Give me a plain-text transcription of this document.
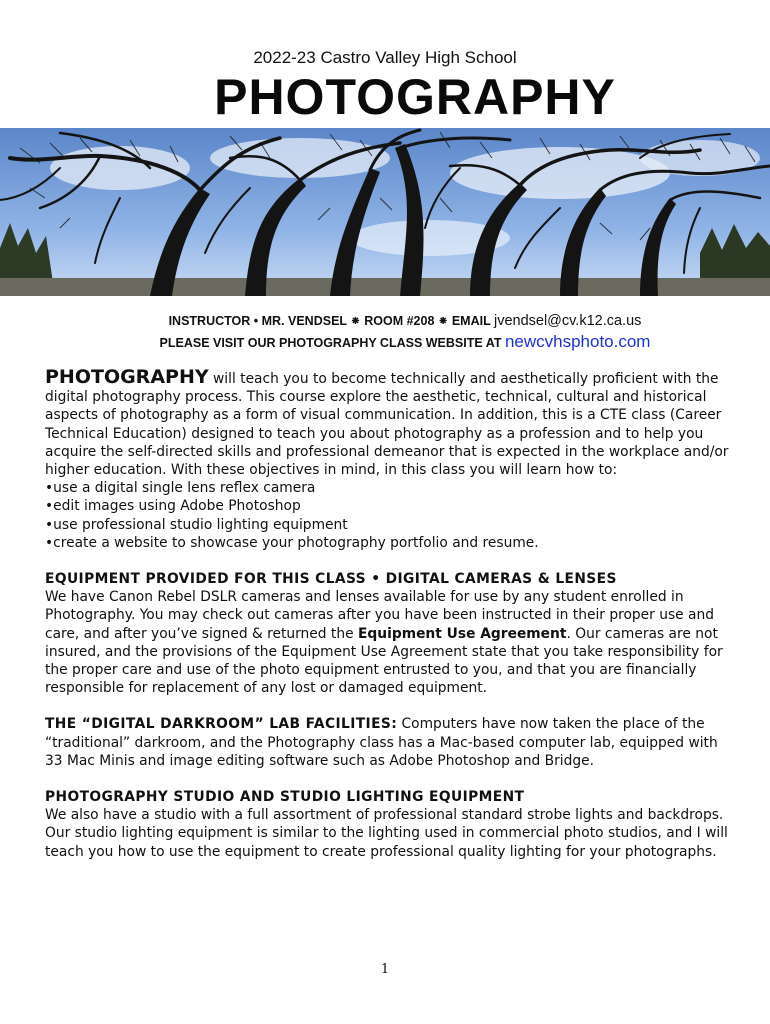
2022-23 Castro Valley High School
PHOTOGRAPHY
INSTRUCTOR • MR. VENDSEL ⁕ ROOM #208 ⁕ EMAIL jvendsel@cv.k12.ca.us
PLEASE VISIT OUR PHOTOGRAPHY CLASS WEBSITE AT newcvhsphoto.com

PHOTOGRAPHY will teach you to become technically and aesthetically proficient with the digital photography process. This course explore the aesthetic, technical, cultural and historical aspects of photography as a form of visual communication. In addition, this is a CTE class (Career Technical Education) designed to teach you about photography as a profession and to help you acquire the self-directed skills and professional demeanor that is expected in the workplace and/or higher education. With these objectives in mind, in this class you will learn how to:

•use a digital single lens reflex camera
•edit images using Adobe Photoshop
•use professional studio lighting equipment
•create a website to showcase your photography portfolio and resume.

EQUIPMENT PROVIDED FOR THIS CLASS • DIGITAL CAMERAS & LENSES

We have Canon Rebel DSLR cameras and lenses available for use by any student enrolled in Photography. You may check out cameras after you have been instructed in their proper use and care, and after you’ve signed & returned the Equipment Use Agreement. Our cameras are not insured, and the provisions of the Equipment Use Agreement state that you take responsibility for the proper care and use of the photo equipment entrusted to you, and that you are financially responsible for replacement of any lost or damaged equipment.

THE “DIGITAL DARKROOM” LAB FACILITIES: Computers have now taken the place of the “traditional” darkroom, and the Photography class has a Mac-based computer lab, equipped with 33 Mac Minis and image editing software such as Adobe Photoshop and Bridge.

PHOTOGRAPHY STUDIO AND STUDIO LIGHTING EQUIPMENT

We also have a studio with a full assortment of professional standard strobe lights and backdrops. Our studio lighting equipment is similar to the lighting used in commercial photo studios, and I will teach you how to use the equipment to create professional quality lighting for your photographs.

1
